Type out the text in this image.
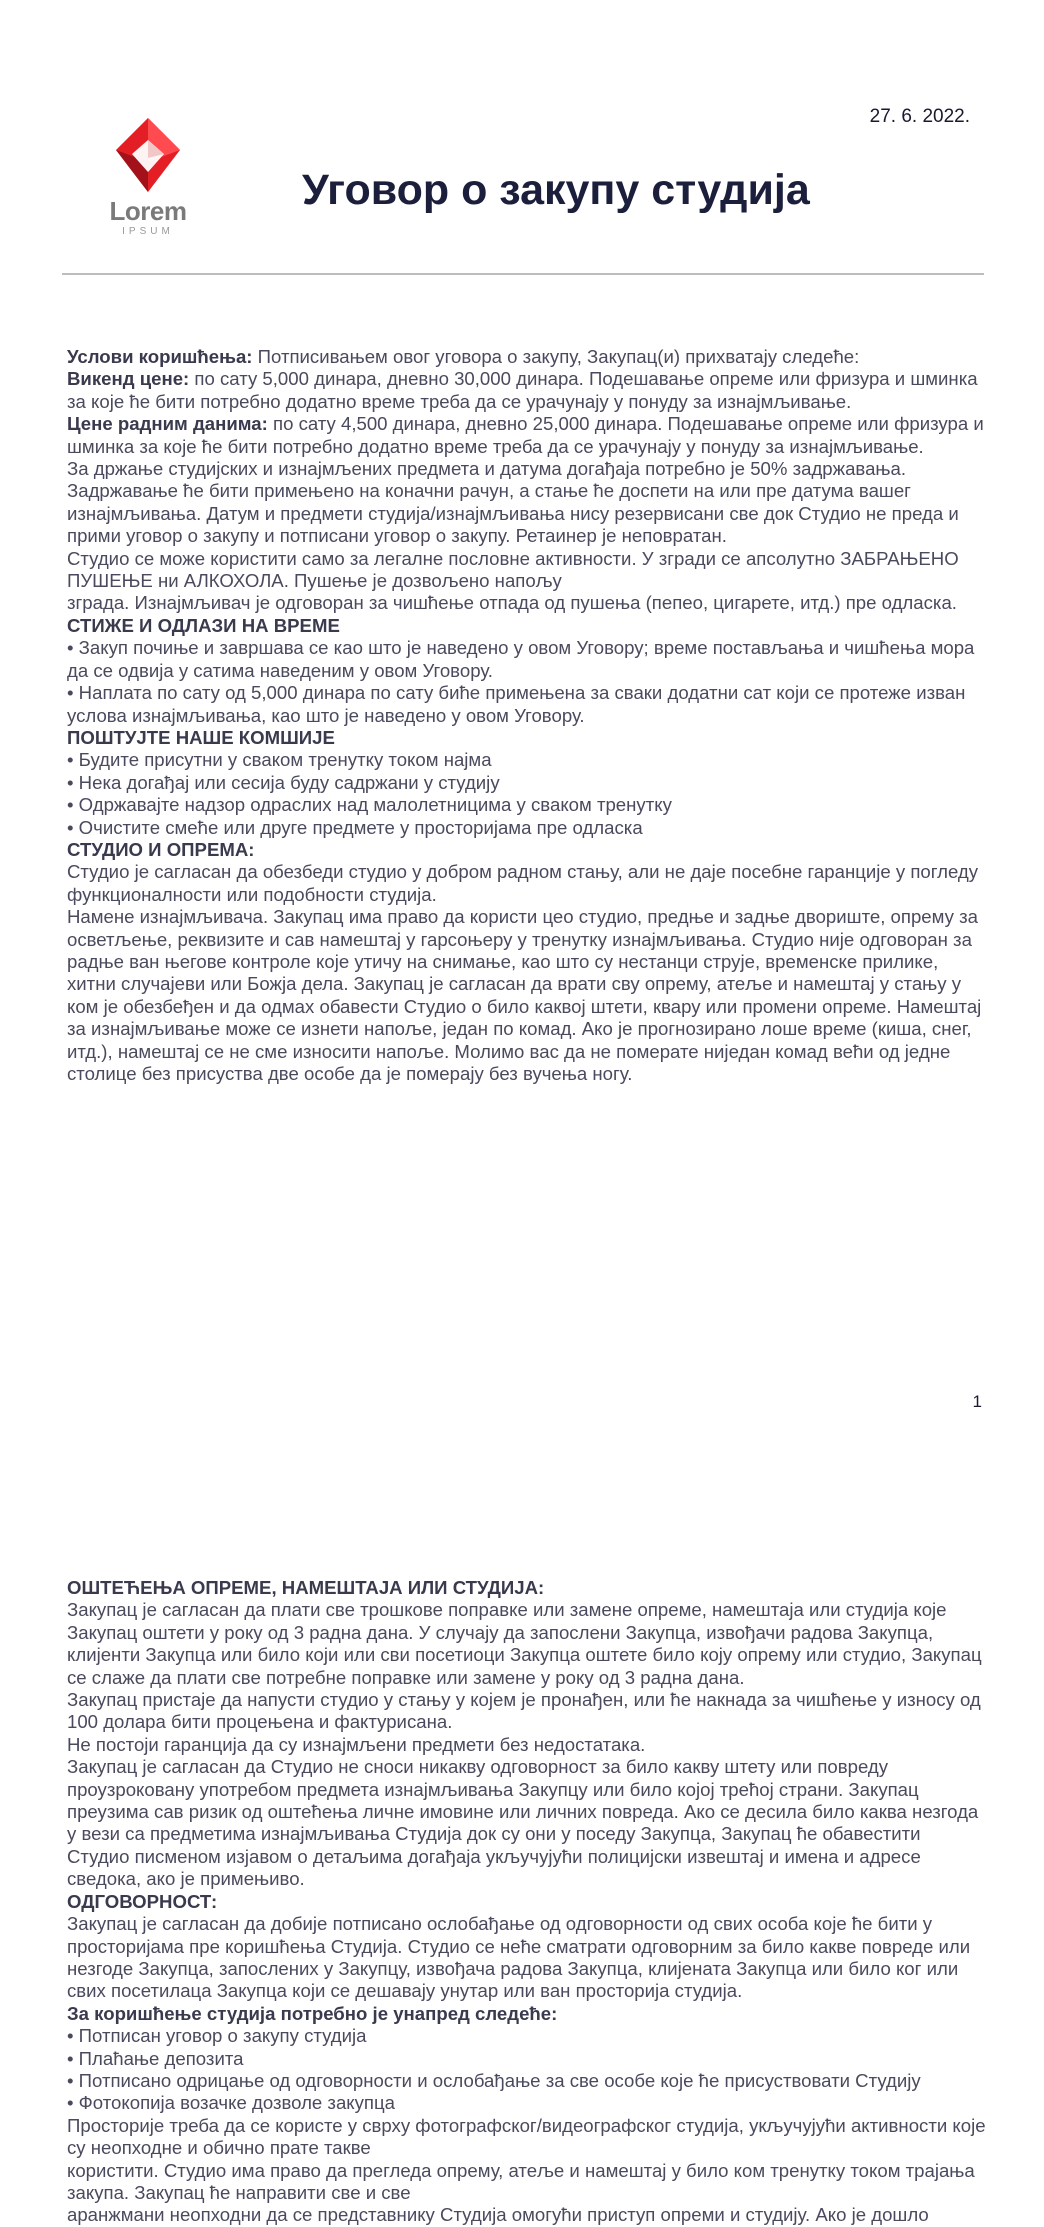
27. 6. 2022.
Lorem
IPSUM
Уговор о закупу студија

Услови коришћења: Потписивањем овог уговора о закупу, Закупац(и) прихватају следеће:

Викенд цене: по сату 5,000 динара, дневно 30,000 динара. Подешавање опреме или фризура и шминка за које ће бити потребно додатно време треба да се урачунају у понуду за изнајмљивање.

Цене радним данима: по сату 4,500 динара, дневно 25,000 динара. Подешавање опреме или фризура и шминка за које ће бити потребно додатно време треба да се урачунају у понуду за изнајмљивање.

За држање студијских и изнајмљених предмета и датума догађаја потребно је 50% задржавања. Задржавање ће бити примењено на коначни рачун, а стање ће доспети на или пре датума вашег изнајмљивања. Датум и предмети студија/изнајмљивања нису резервисани све док Студио не преда и прими уговор о закупу и потписани уговор о закупу. Ретаинер је неповратан.

Студио се може користити само за легалне пословне активности. У згради се апсолутно ЗАБРАЊЕНО ПУШЕЊЕ ни АЛКОХОЛА. Пушење је дозвољено напољу

зграда. Изнајмљивач је одговоран за чишћење отпада од пушења (пепео, цигарете, итд.) пре одласка.

СТИЖЕ И ОДЛАЗИ НА ВРЕМЕ

• Закуп почиње и завршава се као што је наведено у овом Уговору; време постављања и чишћења мора да се одвија у сатима наведеним у овом Уговору.

• Наплата по сату од 5,000 динара по сату биће примењена за сваки додатни сат који се протеже изван услова изнајмљивања, као што је наведено у овом Уговору.

ПОШТУЈТЕ НАШЕ КОМШИЈЕ

• Будите присутни у сваком тренутку током најма

• Нека догађај или сесија буду садржани у студију

• Одржавајте надзор одраслих над малолетницима у сваком тренутку

• Очистите смеће или друге предмете у просторијама пре одласка

СТУДИО И ОПРЕМА:

Студио је сагласан да обезбеди студио у добром радном стању, али не даје посебне гаранције у погледу функционалности или подобности студија.

Намене изнајмљивача. Закупац има право да користи цео студио, предње и задње двориште, опрему за осветљење, реквизите и сав намештај у гарсоњеру у тренутку изнајмљивања. Студио није одговоран за радње ван његове контроле које утичу на снимање, као што су нестанци струје, временске прилике, хитни случајеви или Божја дела. Закупац је сагласан да врати сву опрему, атеље и намештај у стању у ком је обезбеђен и да одмах обавести Студио о било каквој штети, квару или промени опреме. Намештај за изнајмљивање може се изнети напоље, један по комад. Ако је прогнозирано лоше време (киша, снег, итд.), намештај се не сме износити напоље. Молимо вас да не померате ниједан комад већи од једне столице без присуства две особе да је померају без вучења ногу.

1

ОШТЕЋЕЊА ОПРЕМЕ, НАМЕШТАЈА ИЛИ СТУДИЈА:

Закупац је сагласан да плати све трошкове поправке или замене опреме, намештаја или студија које Закупац оштети у року од 3 радна дана. У случају да запослени Закупца, извођачи радова Закупца, клијенти Закупца или било који или сви посетиоци Закупца оштете било коју опрему или студио, Закупац се слаже да плати све потребне поправке или замене у року од 3 радна дана.

Закупац пристаје да напусти студио у стању у којем је пронађен, или ће накнада за чишћење у износу од 100 долара бити процењена и фактурисана.

Не постоји гаранција да су изнајмљени предмети без недостатака.

Закупац је сагласан да Студио не сноси никакву одговорност за било какву штету или повреду проузроковану употребом предмета изнајмљивања Закупцу или било којој трећој страни. Закупац преузима сав ризик од оштећења личне имовине или личних повреда. Ако се десила било каква незгода у вези са предметима изнајмљивања Студија док су они у поседу Закупца, Закупац ће обавестити Студио писменом изјавом о детаљима догађаја укључујући полицијски извештај и имена и адресе сведока, ако је примењиво.

ОДГОВОРНОСТ:

Закупац је сагласан да добије потписано ослобађање од одговорности од свих особа које ће бити у просторијама пре коришћења Студија. Студио се неће сматрати одговорним за било какве повреде или незгоде Закупца, запослених у Закупцу, извођача радова Закупца, клијената Закупца или било ког или свих посетилаца Закупца који се дешавају унутар или ван просторија студија.

За коришћење студија потребно је унапред следеће:

• Потписан уговор о закупу студија

• Плаћање депозита

• Потписано одрицање од одговорности и ослобађање за све особе које ће присуствовати Студију

• Фотокопија возачке дозволе закупца

Просторије треба да се користе у сврху фотографског/видеографског студија, укључујући активности које су неопходне и обично прате такве

користити. Студио има право да прегледа опрему, атеље и намештај у било ком тренутку током трајања закупа. Закупац ће направити све и све

аранжмани неопходни да се представнику Студија омогући приступ опреми и студију. Ако је дошло
